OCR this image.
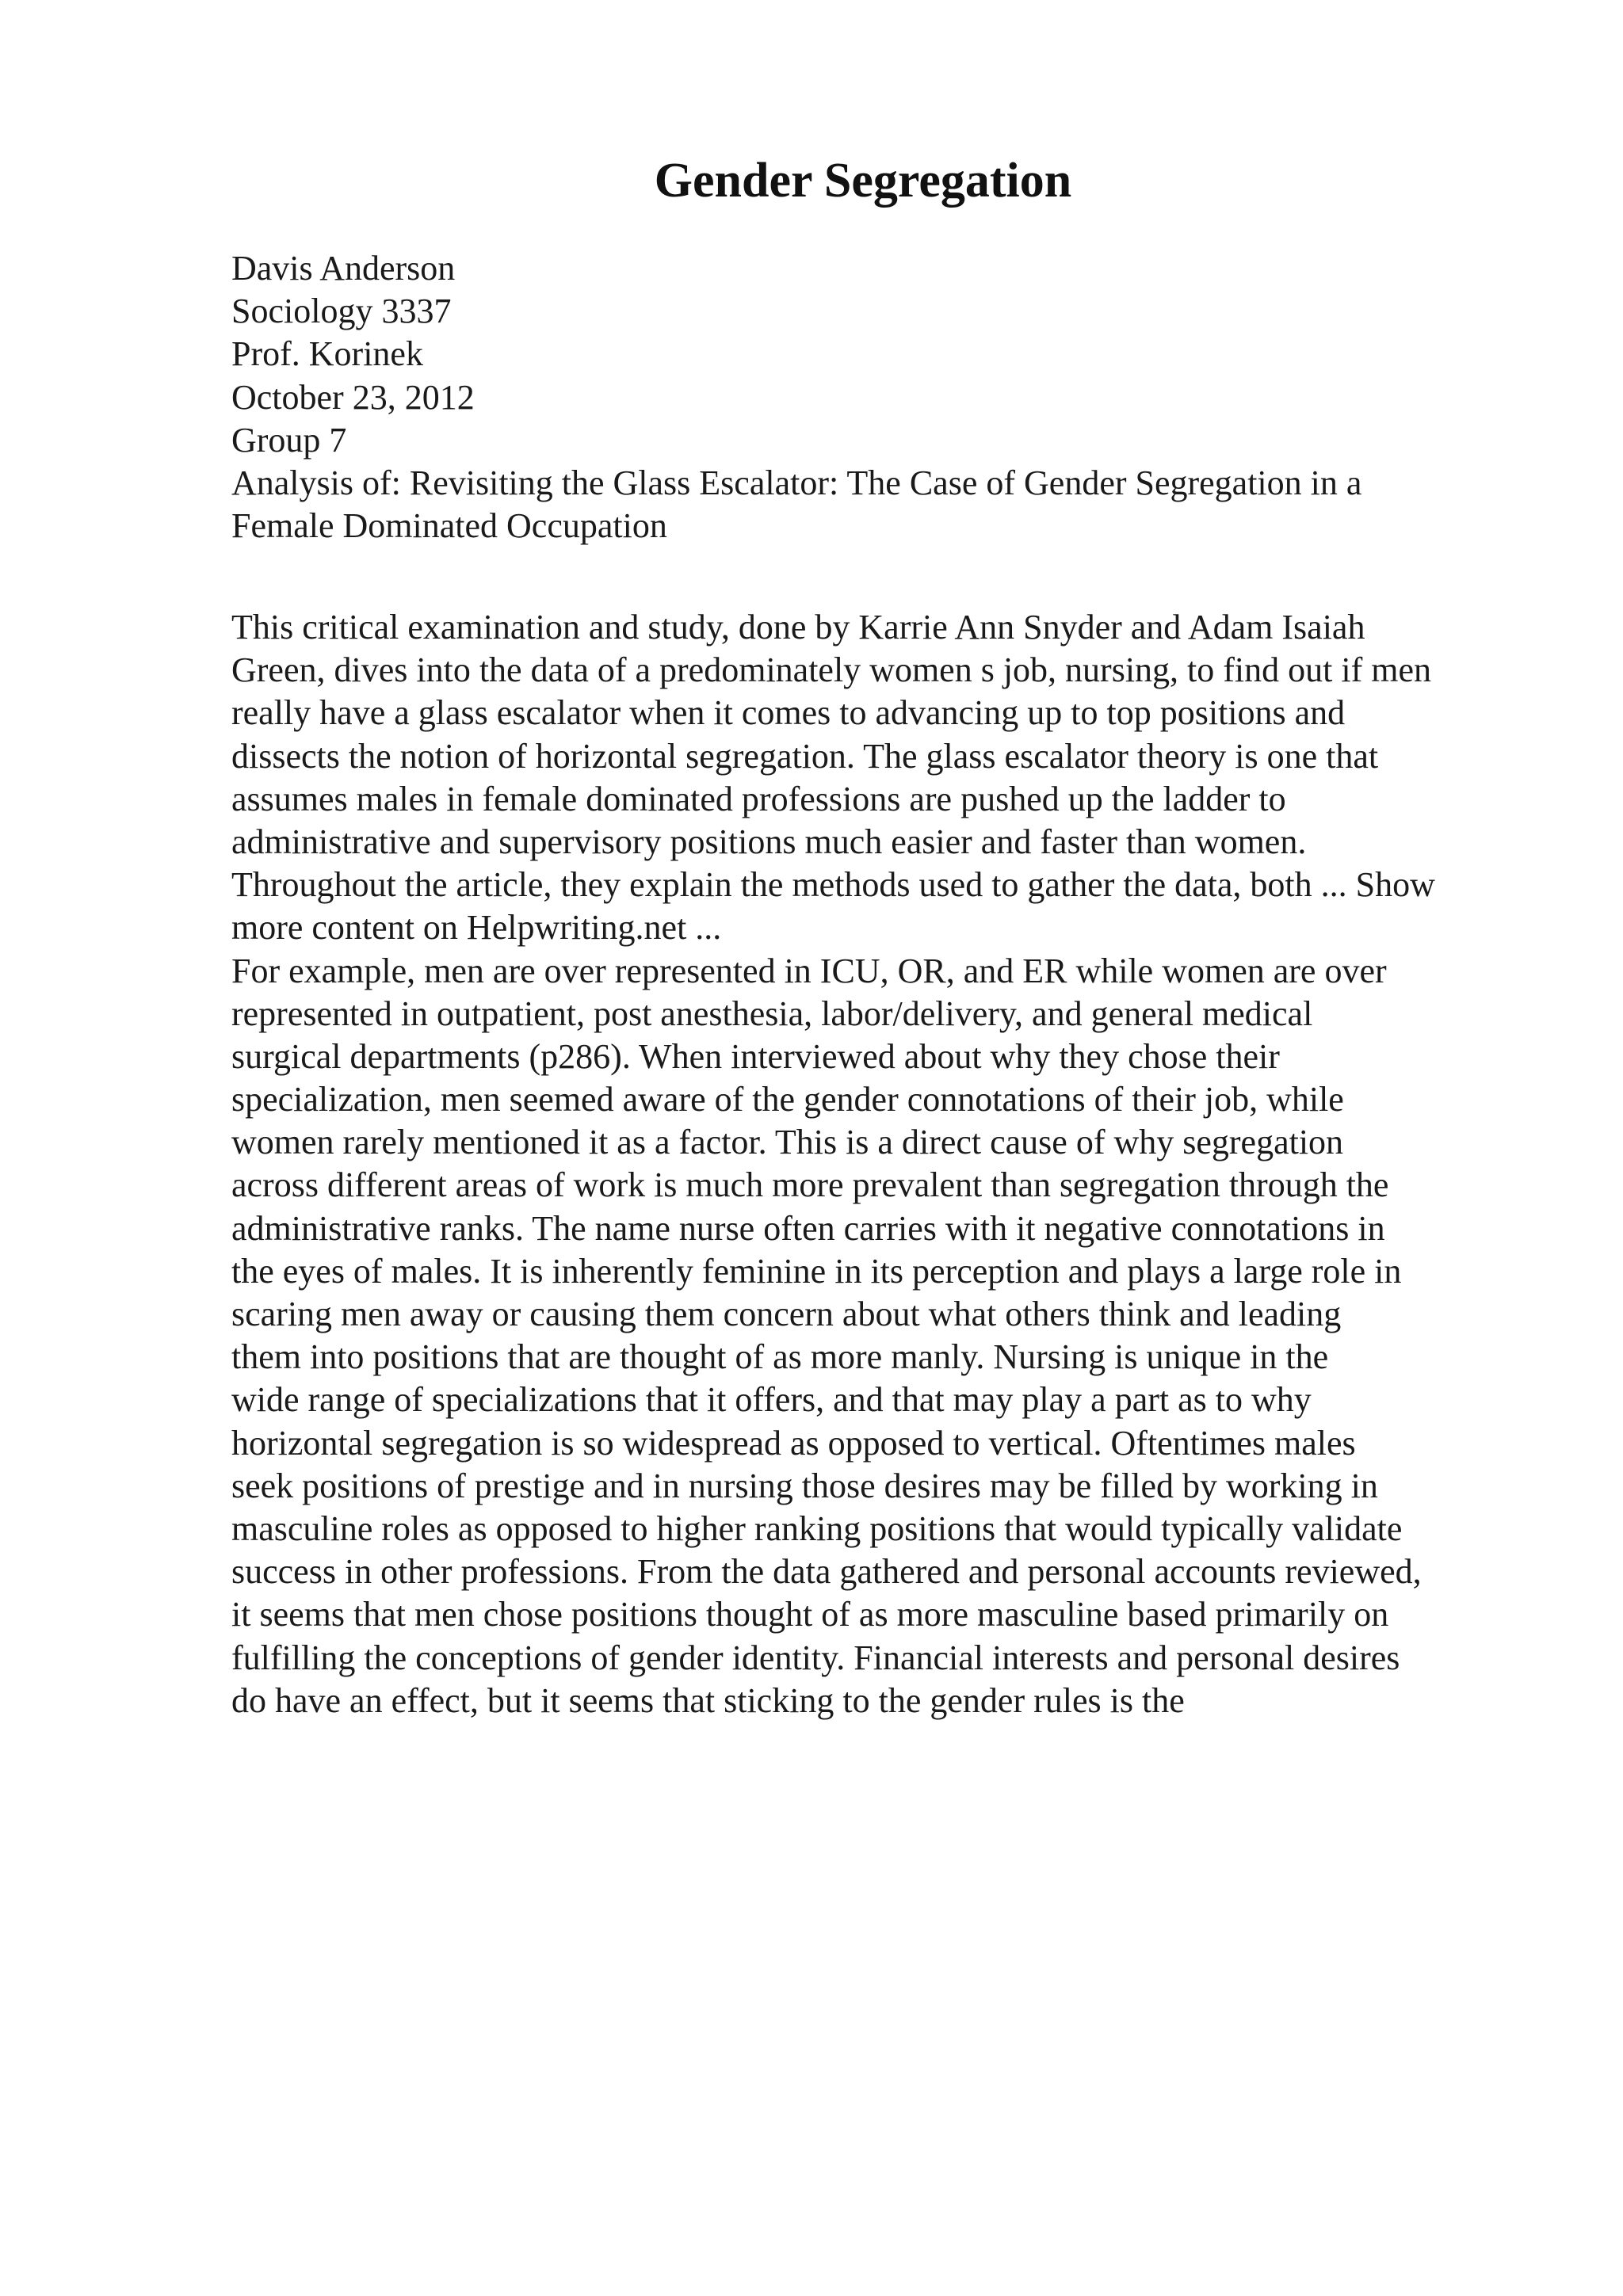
Gender Segregation
Davis Anderson
Sociology 3337
Prof. Korinek
October 23, 2012
Group 7
Analysis of: Revisiting the Glass Escalator: The Case of Gender Segregation in a
Female Dominated Occupation
This critical examination and study, done by Karrie Ann Snyder and Adam Isaiah
Green, dives into the data of a predominately women s job, nursing, to find out if men
really have a glass escalator when it comes to advancing up to top positions and
dissects the notion of horizontal segregation. The glass escalator theory is one that
assumes males in female dominated professions are pushed up the ladder to
administrative and supervisory positions much easier and faster than women.
Throughout the article, they explain the methods used to gather the data, both ... Show
more content on Helpwriting.net ...
For example, men are over represented in ICU, OR, and ER while women are over
represented in outpatient, post anesthesia, labor/delivery, and general medical
surgical departments (p286). When interviewed about why they chose their
specialization, men seemed aware of the gender connotations of their job, while
women rarely mentioned it as a factor. This is a direct cause of why segregation
across different areas of work is much more prevalent than segregation through the
administrative ranks. The name nurse often carries with it negative connotations in
the eyes of males. It is inherently feminine in its perception and plays a large role in
scaring men away or causing them concern about what others think and leading
them into positions that are thought of as more manly. Nursing is unique in the
wide range of specializations that it offers, and that may play a part as to why
horizontal segregation is so widespread as opposed to vertical. Oftentimes males
seek positions of prestige and in nursing those desires may be filled by working in
masculine roles as opposed to higher ranking positions that would typically validate
success in other professions. From the data gathered and personal accounts reviewed,
it seems that men chose positions thought of as more masculine based primarily on
fulfilling the conceptions of gender identity. Financial interests and personal desires
do have an effect, but it seems that sticking to the gender rules is the
